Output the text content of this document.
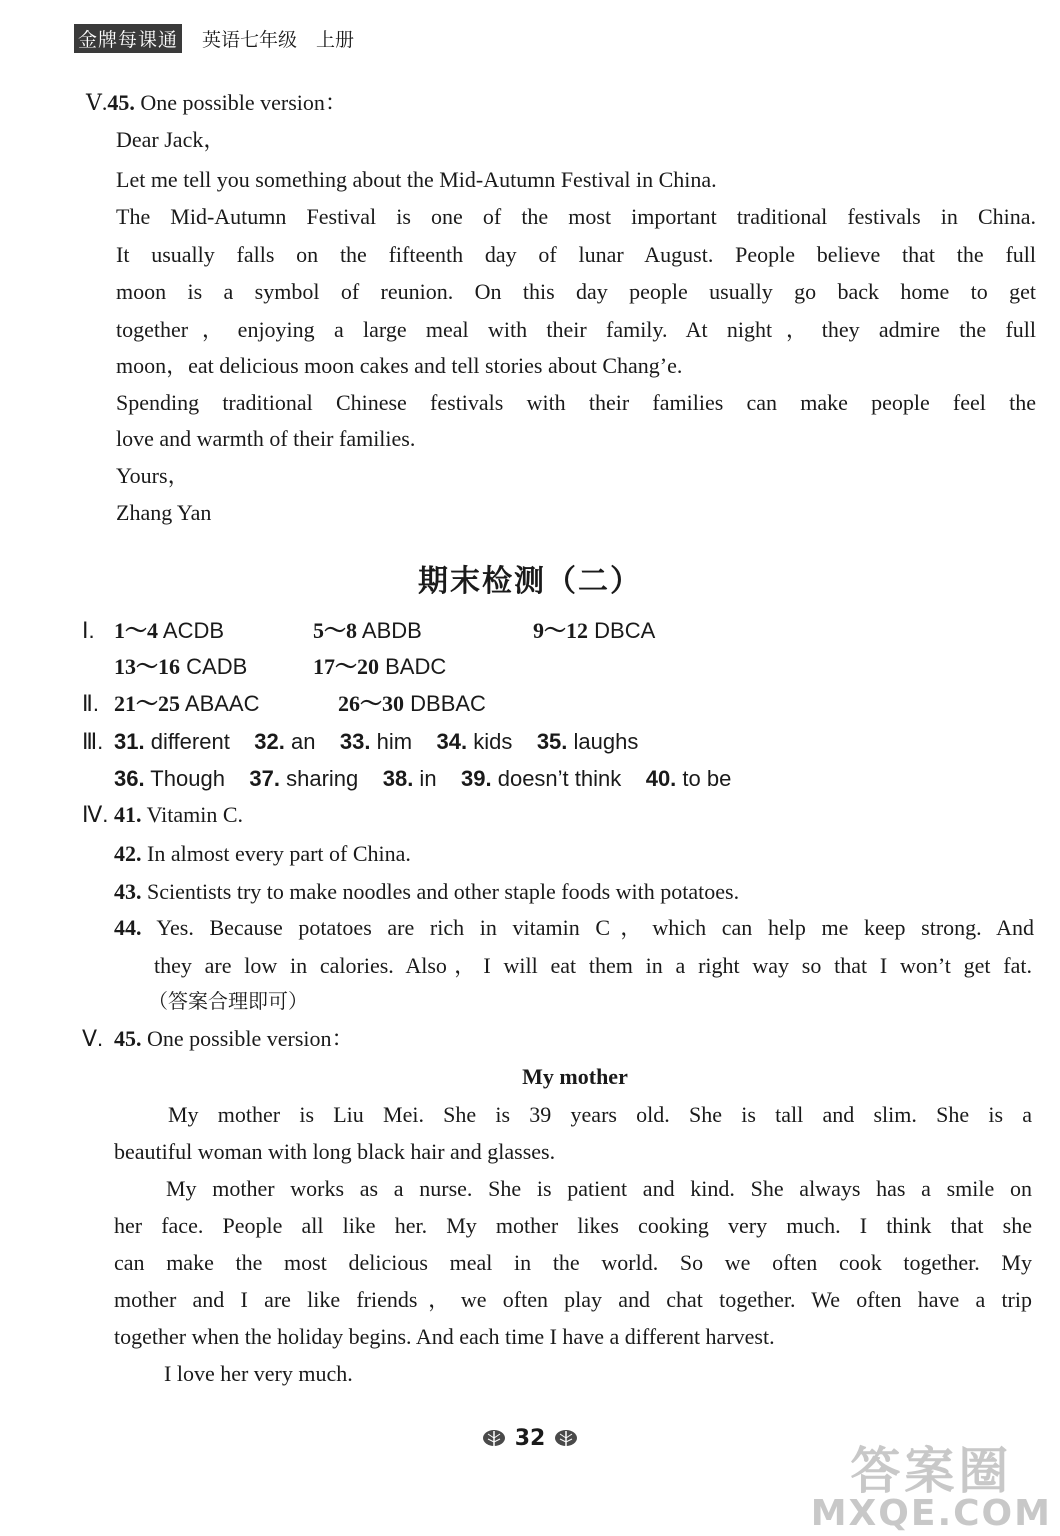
金牌每课通 英语七年级　上册
Ⅴ.45. One possible version：
Dear Jack，
Let me tell you something about the Mid-Autumn Festival in China.
The Mid-Autumn Festival is one of the most important traditional festivals in China.
It usually falls on the fifteenth day of lunar August. People believe that the full
moon is a symbol of reunion. On this day people usually go back home to get
together，enjoying a large meal with their family. At night，they admire the full
moon，eat delicious moon cakes and tell stories about Chang’e.
Spending traditional Chinese festivals with their families can make people feel the
love and warmth of their families.
Yours，
Zhang Yan
期末检测（二）
Ⅰ. 1～4 ACDB	5～8 ABDB	9～12 DBCA
13～16 CADB	17～20 BADC
Ⅱ. 21～25 ABAAC	26～30 DBBAC
Ⅲ. 31. different 32. an 33. him 34. kids 35. laughs
36. Though 37. sharing 38. in 39. doesn’t think 40. to be
Ⅳ. 41. Vitamin C.
42. In almost every part of China.
43. Scientists try to make noodles and other staple foods with potatoes.
44. Yes. Because potatoes are rich in vitamin C，which can help me keep strong. And
they are low in calories. Also，I will eat them in a right way so that I won’t get fat.
（答案合理即可）
Ⅴ. 45. One possible version：
My mother
My mother is Liu Mei. She is 39 years old. She is tall and slim. She is a
beautiful woman with long black hair and glasses.
My mother works as a nurse. She is patient and kind. She always has a smile on
her face. People all like her. My mother likes cooking very much. I think that she
can make the most delicious meal in the world. So we often cook together. My
mother and I are like friends，we often play and chat together. We often have a trip
together when the holiday begins. And each time I have a different harvest.
I love her very much.
32
答案圈
MXQE.COM
